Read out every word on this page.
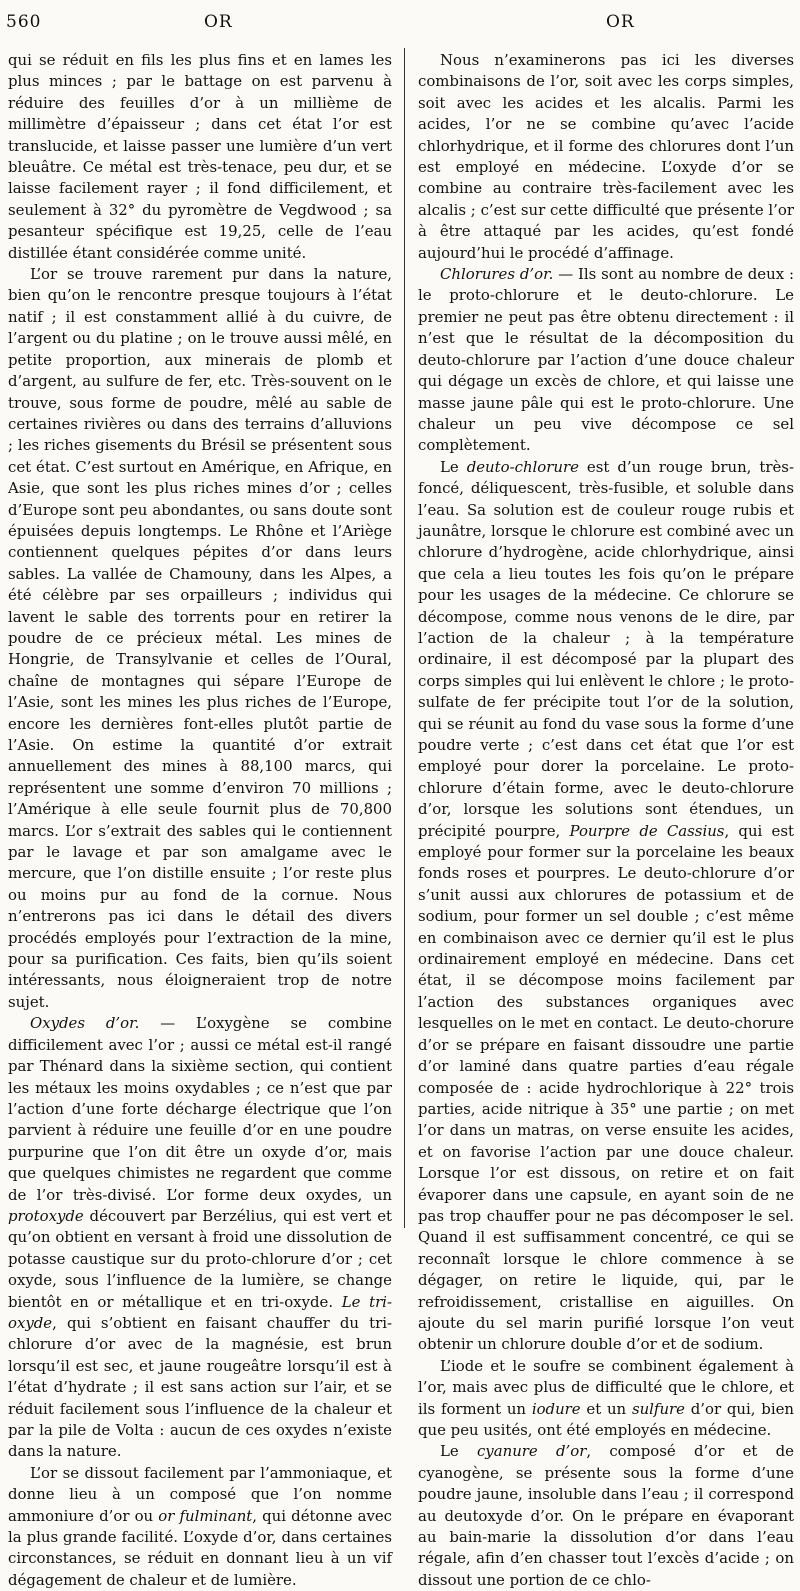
560	OR	OR

qui se réduit en fils les plus fins et en lames les plus minces ; par le battage on est parvenu à réduire des feuilles d’or à un millième de millimètre d’épaisseur ; dans cet état l’or est translucide, et laisse passer une lumière d’un vert bleuâtre. Ce métal est très-tenace, peu dur, et se laisse facilement rayer ; il fond difficilement, et seulement à 32° du pyromètre de Vegdwood ; sa pesanteur spécifique est 19,25, celle de l’eau distillée étant considérée comme unité.

L’or se trouve rarement pur dans la nature, bien qu’on le rencontre presque toujours à l’état natif ; il est constamment allié à du cuivre, de l’argent ou du platine ; on le trouve aussi mêlé, en petite proportion, aux minerais de plomb et d’argent, au sulfure de fer, etc. Très-souvent on le trouve, sous forme de poudre, mêlé au sable de certaines rivières ou dans des terrains d’alluvions ; les riches gisements du Brésil se présentent sous cet état. C’est surtout en Amérique, en Afrique, en Asie, que sont les plus riches mines d’or ; celles d’Europe sont peu abondantes, ou sans doute sont épuisées depuis longtemps. Le Rhône et l’Ariège contiennent quelques pépites d’or dans leurs sables. La vallée de Chamouny, dans les Alpes, a été célèbre par ses orpailleurs ; individus qui lavent le sable des torrents pour en retirer la poudre de ce précieux métal. Les mines de Hongrie, de Transylvanie et celles de l’Oural, chaîne de montagnes qui sépare l’Europe de l’Asie, sont les mines les plus riches de l’Europe, encore les dernières font-elles plutôt partie de l’Asie. On estime la quantité d’or extrait annuellement des mines à 88,100 marcs, qui représentent une somme d’environ 70 millions ; l’Amérique à elle seule fournit plus de 70,800 marcs. L’or s’extrait des sables qui le contiennent par le lavage et par son amalgame avec le mercure, que l’on distille ensuite ; l’or reste plus ou moins pur au fond de la cornue. Nous n’entrerons pas ici dans le détail des divers procédés employés pour l’extraction de la mine, pour sa purification. Ces faits, bien qu’ils soient intéressants, nous éloigneraient trop de notre sujet.

Oxydes d’or. — L’oxygène se combine difficilement avec l’or ; aussi ce métal est-il rangé par Thénard dans la sixième section, qui contient les métaux les moins oxydables ; ce n’est que par l’action d’une forte décharge électrique que l’on parvient à réduire une feuille d’or en une poudre purpurine que l’on dit être un oxyde d’or, mais que quelques chimistes ne regardent que comme de l’or très-divisé. L’or forme deux oxydes, un protoxyde découvert par Berzélius, qui est vert et qu’on obtient en versant à froid une dissolution de potasse caustique sur du proto-chlorure d’or ; cet oxyde, sous l’influence de la lumière, se change bientôt en or métallique et en tri-oxyde. Le tri-oxyde, qui s’obtient en faisant chauffer du tri-chlorure d’or avec de la magnésie, est brun lorsqu’il est sec, et jaune rougeâtre lorsqu’il est à l’état d’hydrate ; il est sans action sur l’air, et se réduit facilement sous l’influence de la chaleur et par la pile de Volta : aucun de ces oxydes n’existe dans la nature.

L’or se dissout facilement par l’ammoniaque, et donne lieu à un composé que l’on nomme ammoniure d’or ou or fulminant, qui détonne avec la plus grande facilité. L’oxyde d’or, dans certaines circonstances, se réduit en donnant lieu à un vif dégagement de chaleur et de lumière.

Nous n’examinerons pas ici les diverses combinaisons de l’or, soit avec les corps simples, soit avec les acides et les alcalis. Parmi les acides, l’or ne se combine qu’avec l’acide chlorhydrique, et il forme des chlorures dont l’un est employé en médecine. L’oxyde d’or se combine au contraire très-facilement avec les alcalis ; c’est sur cette difficulté que présente l’or à être attaqué par les acides, qu’est fondé aujourd’hui le procédé d’affinage.

Chlorures d’or. — Ils sont au nombre de deux : le proto-chlorure et le deuto-chlorure. Le premier ne peut pas être obtenu directement : il n’est que le résultat de la décomposition du deuto-chlorure par l’action d’une douce chaleur qui dégage un excès de chlore, et qui laisse une masse jaune pâle qui est le proto-chlorure. Une chaleur un peu vive décompose ce sel complètement.

Le deuto-chlorure est d’un rouge brun, très-foncé, déliquescent, très-fusible, et soluble dans l’eau. Sa solution est de couleur rouge rubis et jaunâtre, lorsque le chlorure est combiné avec un chlorure d’hydrogène, acide chlorhydrique, ainsi que cela a lieu toutes les fois qu’on le prépare pour les usages de la médecine. Ce chlorure se décompose, comme nous venons de le dire, par l’action de la chaleur ; à la température ordinaire, il est décomposé par la plupart des corps simples qui lui enlèvent le chlore ; le proto-sulfate de fer précipite tout l’or de la solution, qui se réunit au fond du vase sous la forme d’une poudre verte ; c’est dans cet état que l’or est employé pour dorer la porcelaine. Le proto-chlorure d’étain forme, avec le deuto-chlorure d’or, lorsque les solutions sont étendues, un précipité pourpre, Pourpre de Cassius, qui est employé pour former sur la porcelaine les beaux fonds roses et pourpres. Le deuto-chlorure d’or s’unit aussi aux chlorures de potassium et de sodium, pour former un sel double ; c’est même en combinaison avec ce dernier qu’il est le plus ordinairement employé en médecine. Dans cet état, il se décompose moins facilement par l’action des substances organiques avec lesquelles on le met en contact. Le deuto-chorure d’or se prépare en faisant dissoudre une partie d’or laminé dans quatre parties d’eau régale composée de : acide hydrochlorique à 22° trois parties, acide nitrique à 35° une partie ; on met l’or dans un matras, on verse ensuite les acides, et on favorise l’action par une douce chaleur. Lorsque l’or est dissous, on retire et on fait évaporer dans une capsule, en ayant soin de ne pas trop chauffer pour ne pas décomposer le sel. Quand il est suffisamment concentré, ce qui se reconnaît lorsque le chlore commence à se dégager, on retire le liquide, qui, par le refroidissement, cristallise en aiguilles. On ajoute du sel marin purifié lorsque l’on veut obtenir un chlorure double d’or et de sodium.

L’iode et le soufre se combinent également à l’or, mais avec plus de difficulté que le chlore, et ils forment un iodure et un sulfure d’or qui, bien que peu usités, ont été employés en médecine.

Le cyanure d’or, composé d’or et de cyanogène, se présente sous la forme d’une poudre jaune, insoluble dans l’eau ; il correspond au deutoxyde d’or. On le prépare en évaporant au bain-marie la dissolution d’or dans l’eau régale, afin d’en chasser tout l’excès d’acide ; on dissout une portion de ce chlo-
